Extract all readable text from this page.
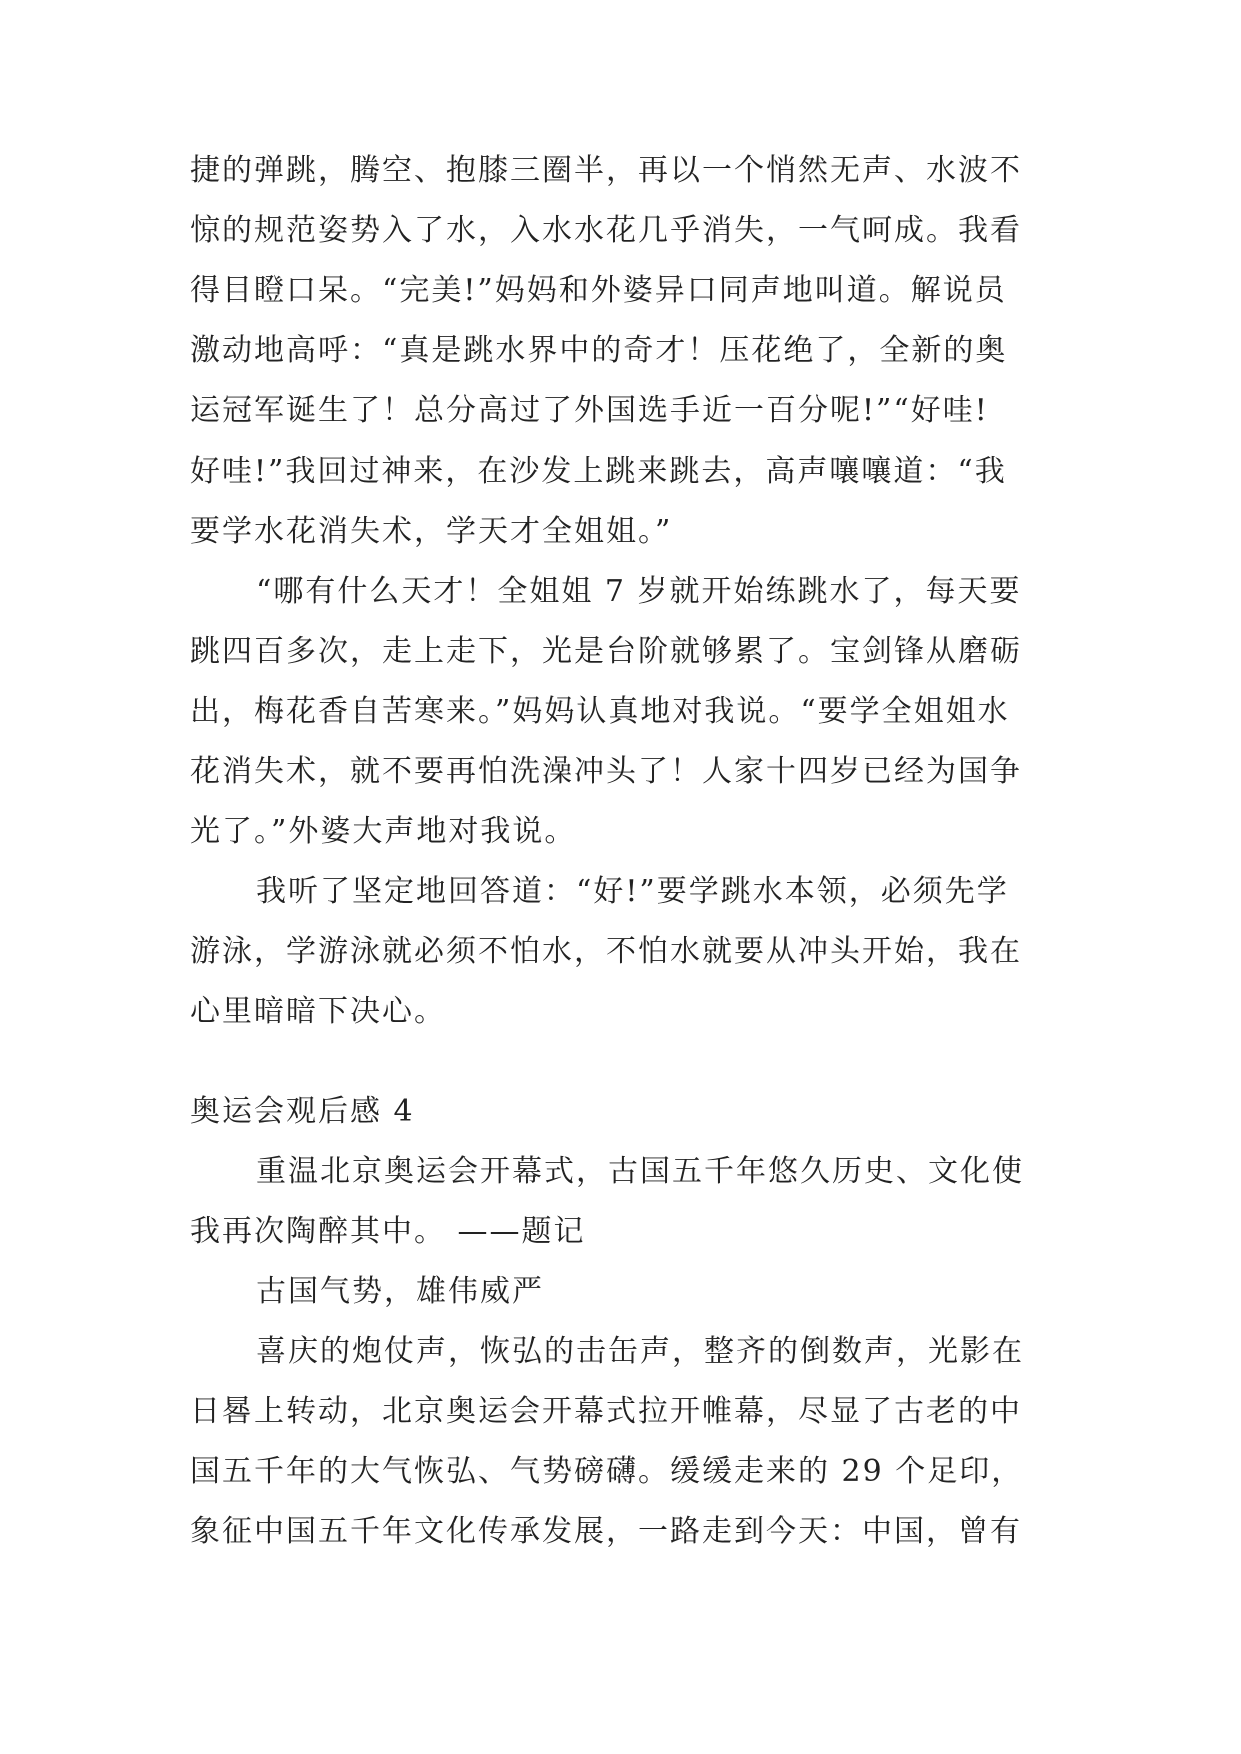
捷的弹跳，腾空、抱膝三圈半，再以一个悄然无声、水波不
惊的规范姿势入了水，入水水花几乎消失，一气呵成。我看
得目瞪口呆。“完美!”妈妈和外婆异口同声地叫道。解说员
激动地高呼：“真是跳水界中的奇才！压花绝了，全新的奥
运冠军诞生了！总分高过了外国选手近一百分呢!”“好哇!
好哇!”我回过神来，在沙发上跳来跳去，高声嚷嚷道：“我
要学水花消失术，学天才全姐姐。”
“哪有什么天才！全姐姐 7 岁就开始练跳水了，每天要
跳四百多次，走上走下，光是台阶就够累了。宝剑锋从磨砺
出，梅花香自苦寒来。”妈妈认真地对我说。“要学全姐姐水
花消失术，就不要再怕洗澡冲头了！人家十四岁已经为国争
光了。”外婆大声地对我说。
我听了坚定地回答道：“好!”要学跳水本领，必须先学
游泳，学游泳就必须不怕水，不怕水就要从冲头开始，我在
心里暗暗下决心。
奥运会观后感 4
重温北京奥运会开幕式，古国五千年悠久历史、文化使
我再次陶醉其中。 ——题记
古国气势，雄伟威严
喜庆的炮仗声，恢弘的击缶声，整齐的倒数声，光影在
日晷上转动，北京奥运会开幕式拉开帷幕，尽显了古老的中
国五千年的大气恢弘、气势磅礴。缓缓走来的 29 个足印，
象征中国五千年文化传承发展，一路走到今天：中国，曾有
